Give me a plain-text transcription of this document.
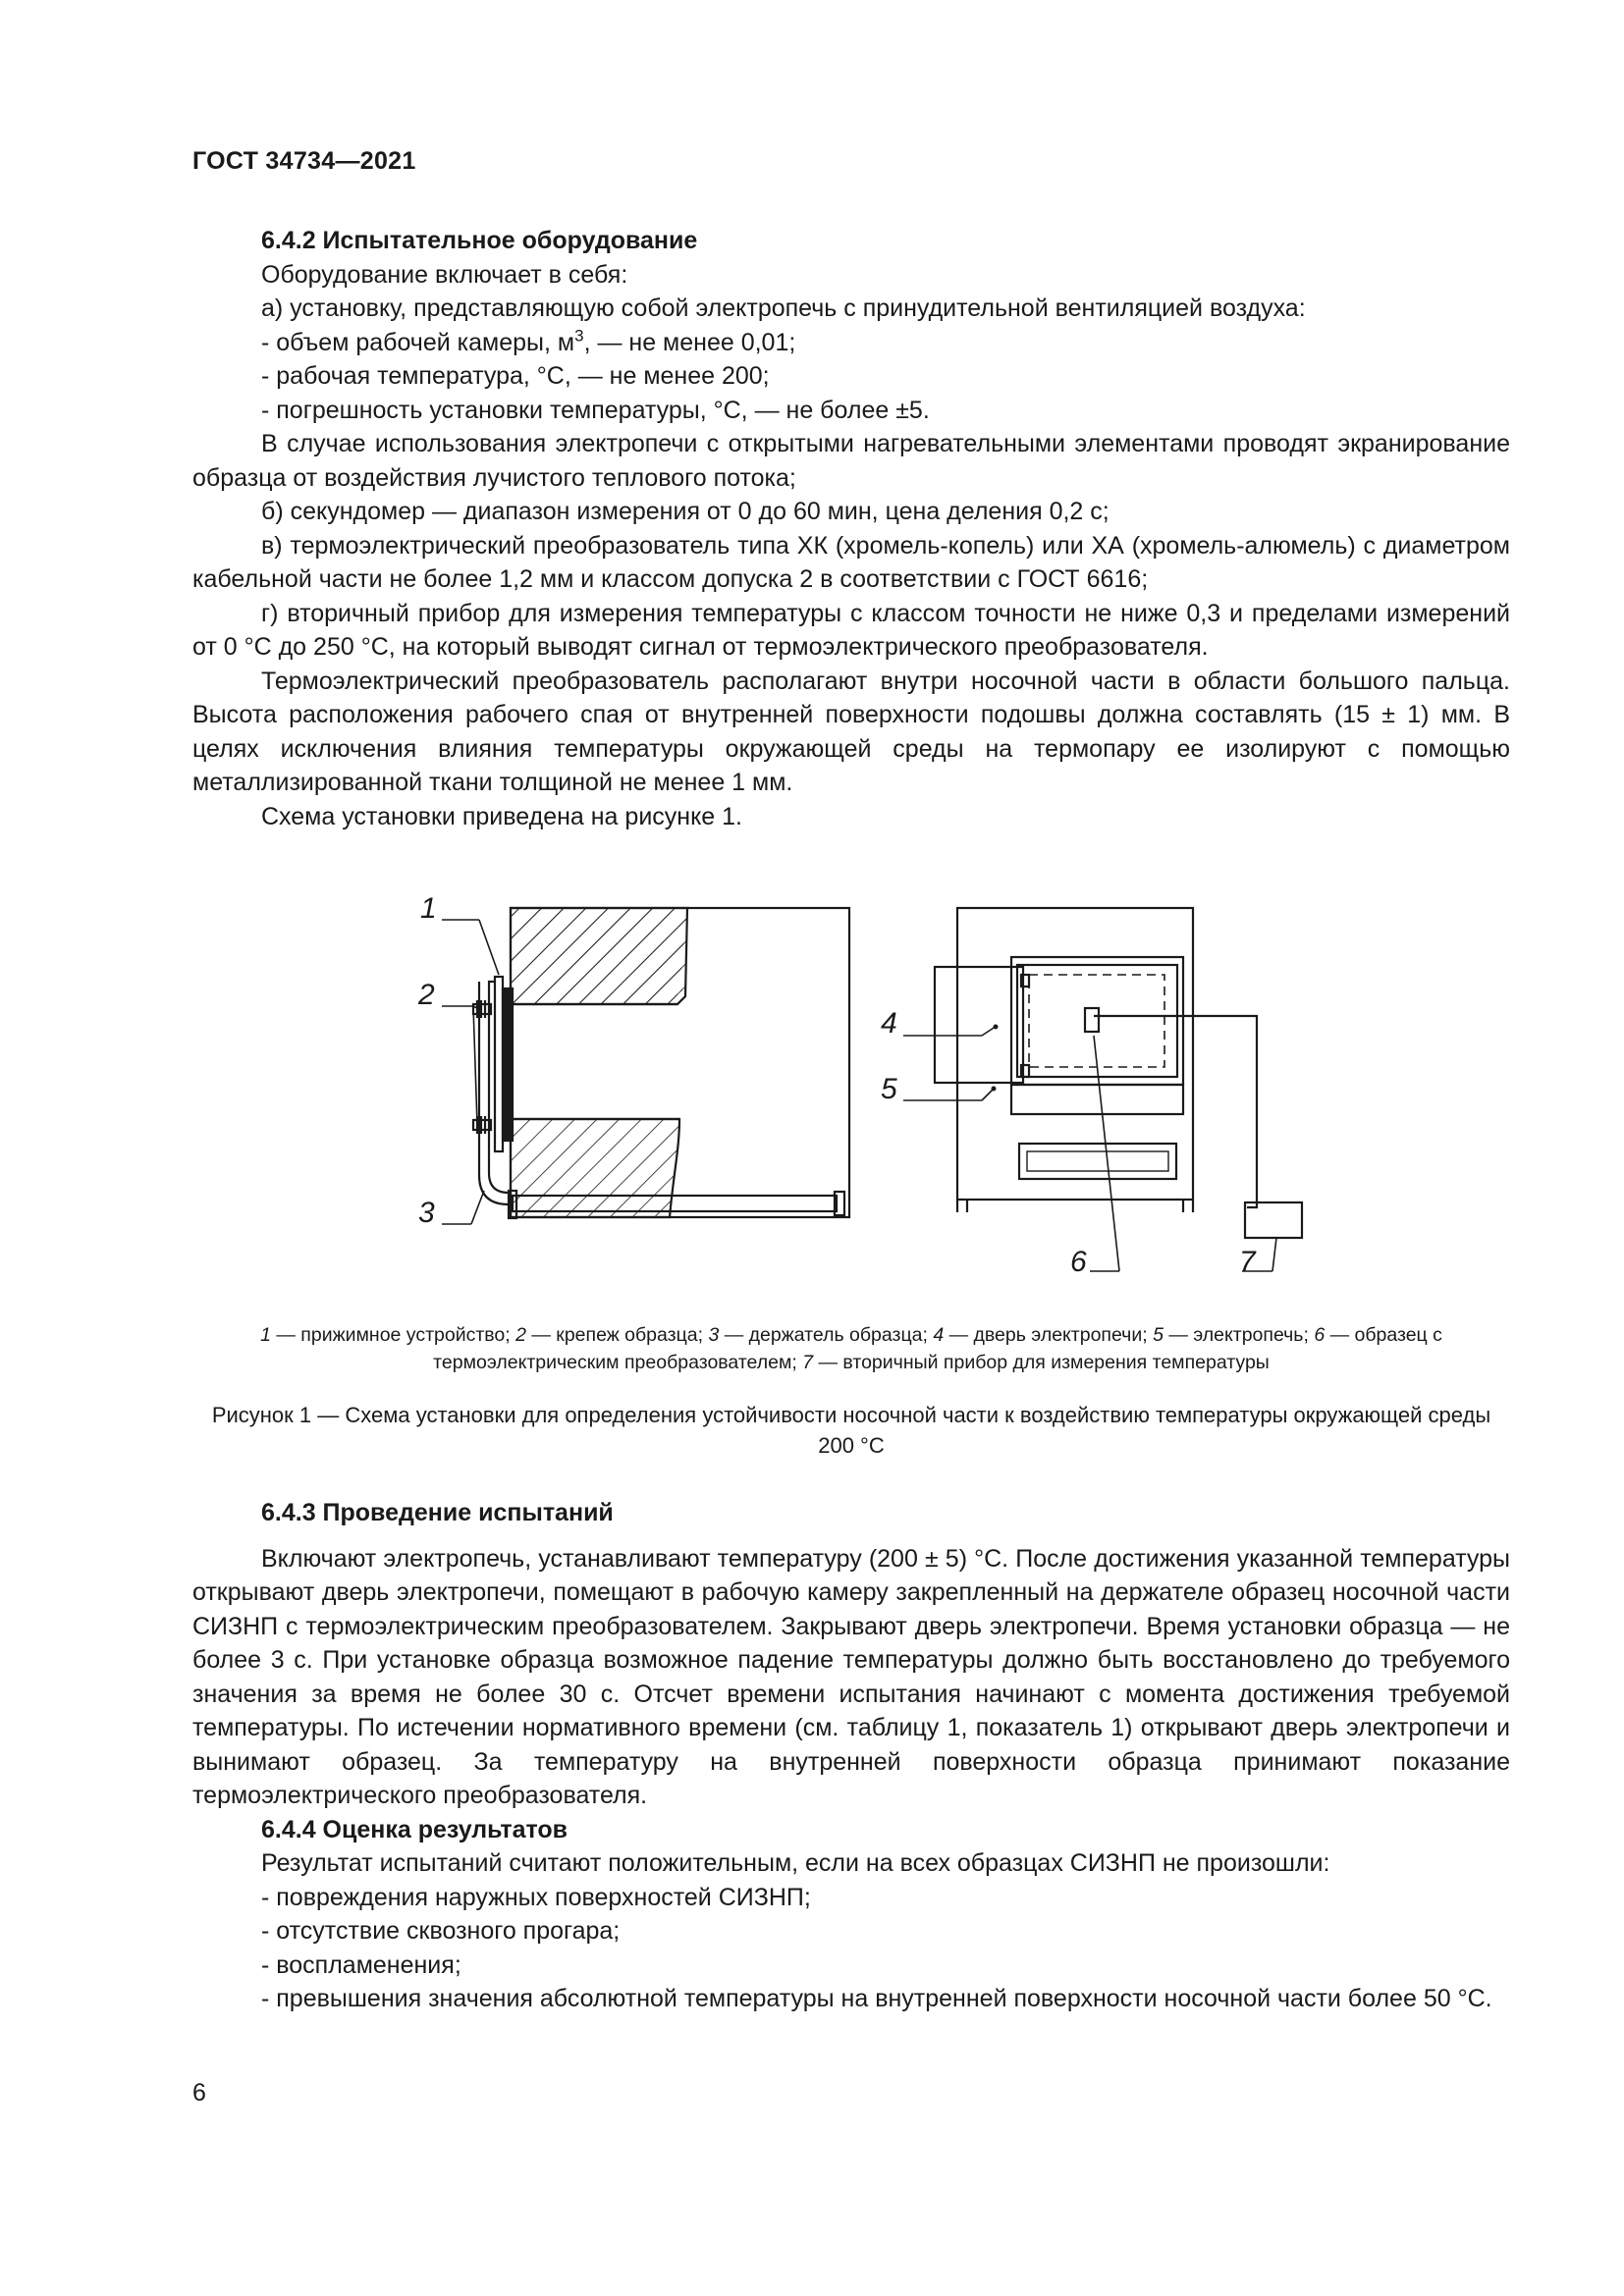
ГОСТ 34734—2021

6.4.2 Испытательное оборудование

Оборудование включает в себя:

а) установку, представляющую собой электропечь с принудительной вентиляцией воздуха:

- объем рабочей камеры, $м^3$, — не менее 0,01;

- рабочая температура, °С, — не менее 200;

- погрешность установки температуры, °С, — не более ±5.

В случае использования электропечи с открытыми нагревательными элементами проводят экранирование образца от воздействия лучистого теплового потока;

б) секундомер — диапазон измерения от 0 до 60 мин, цена деления 0,2 с;

в) термоэлектрический преобразователь типа ХК (хромель-копель) или ХА (хромель-алюмель) с диаметром кабельной части не более 1,2 мм и классом допуска 2 в соответствии с ГОСТ 6616;

г) вторичный прибор для измерения температуры с классом точности не ниже 0,3 и пределами измерений от 0 °С до 250 °С, на который выводят сигнал от термоэлектрического преобразователя.

Термоэлектрический преобразователь располагают внутри носочной части в области большого пальца. Высота расположения рабочего спая от внутренней поверхности подошвы должна составлять (15 ± 1) мм. В целях исключения влияния температуры окружающей среды на термопару ее изолируют с помощью металлизированной ткани толщиной не менее 1 мм.

Схема установки приведена на рисунке 1.

1
2
3
4
5
6	7
1 — прижимное устройство; 2 — крепеж образца; 3 — держатель образца; 4 — дверь электропечи; 5 — электропечь; 6 — образец с термоэлектрическим преобразователем; 7 — вторичный прибор для измерения температуры
Рисунок 1 — Схема установки для определения устойчивости носочной части к воздействию температуры окружающей среды 200 °С

6.4.3 Проведение испытаний

Включают электропечь, устанавливают температуру (200 ± 5) °С. После достижения указанной температуры открывают дверь электропечи, помещают в рабочую камеру закрепленный на держателе образец носочной части СИЗНП с термоэлектрическим преобразователем. Закрывают дверь электропечи. Время установки образца — не более 3 с. При установке образца возможное падение температуры должно быть восстановлено до требуемого значения за время не более 30 с. Отсчет времени испытания начинают с момента достижения требуемой температуры. По истечении нормативного времени (см. таблицу 1, показатель 1) открывают дверь электропечи и вынимают образец. За температуру на внутренней поверхности образца принимают показание термоэлектрического преобразователя.

6.4.4 Оценка результатов

Результат испытаний считают положительным, если на всех образцах СИЗНП не произошли:

- повреждения наружных поверхностей СИЗНП;

- отсутствие сквозного прогара;

- воспламенения;

- превышения значения абсолютной температуры на внутренней поверхности носочной части более 50 °С.

6
